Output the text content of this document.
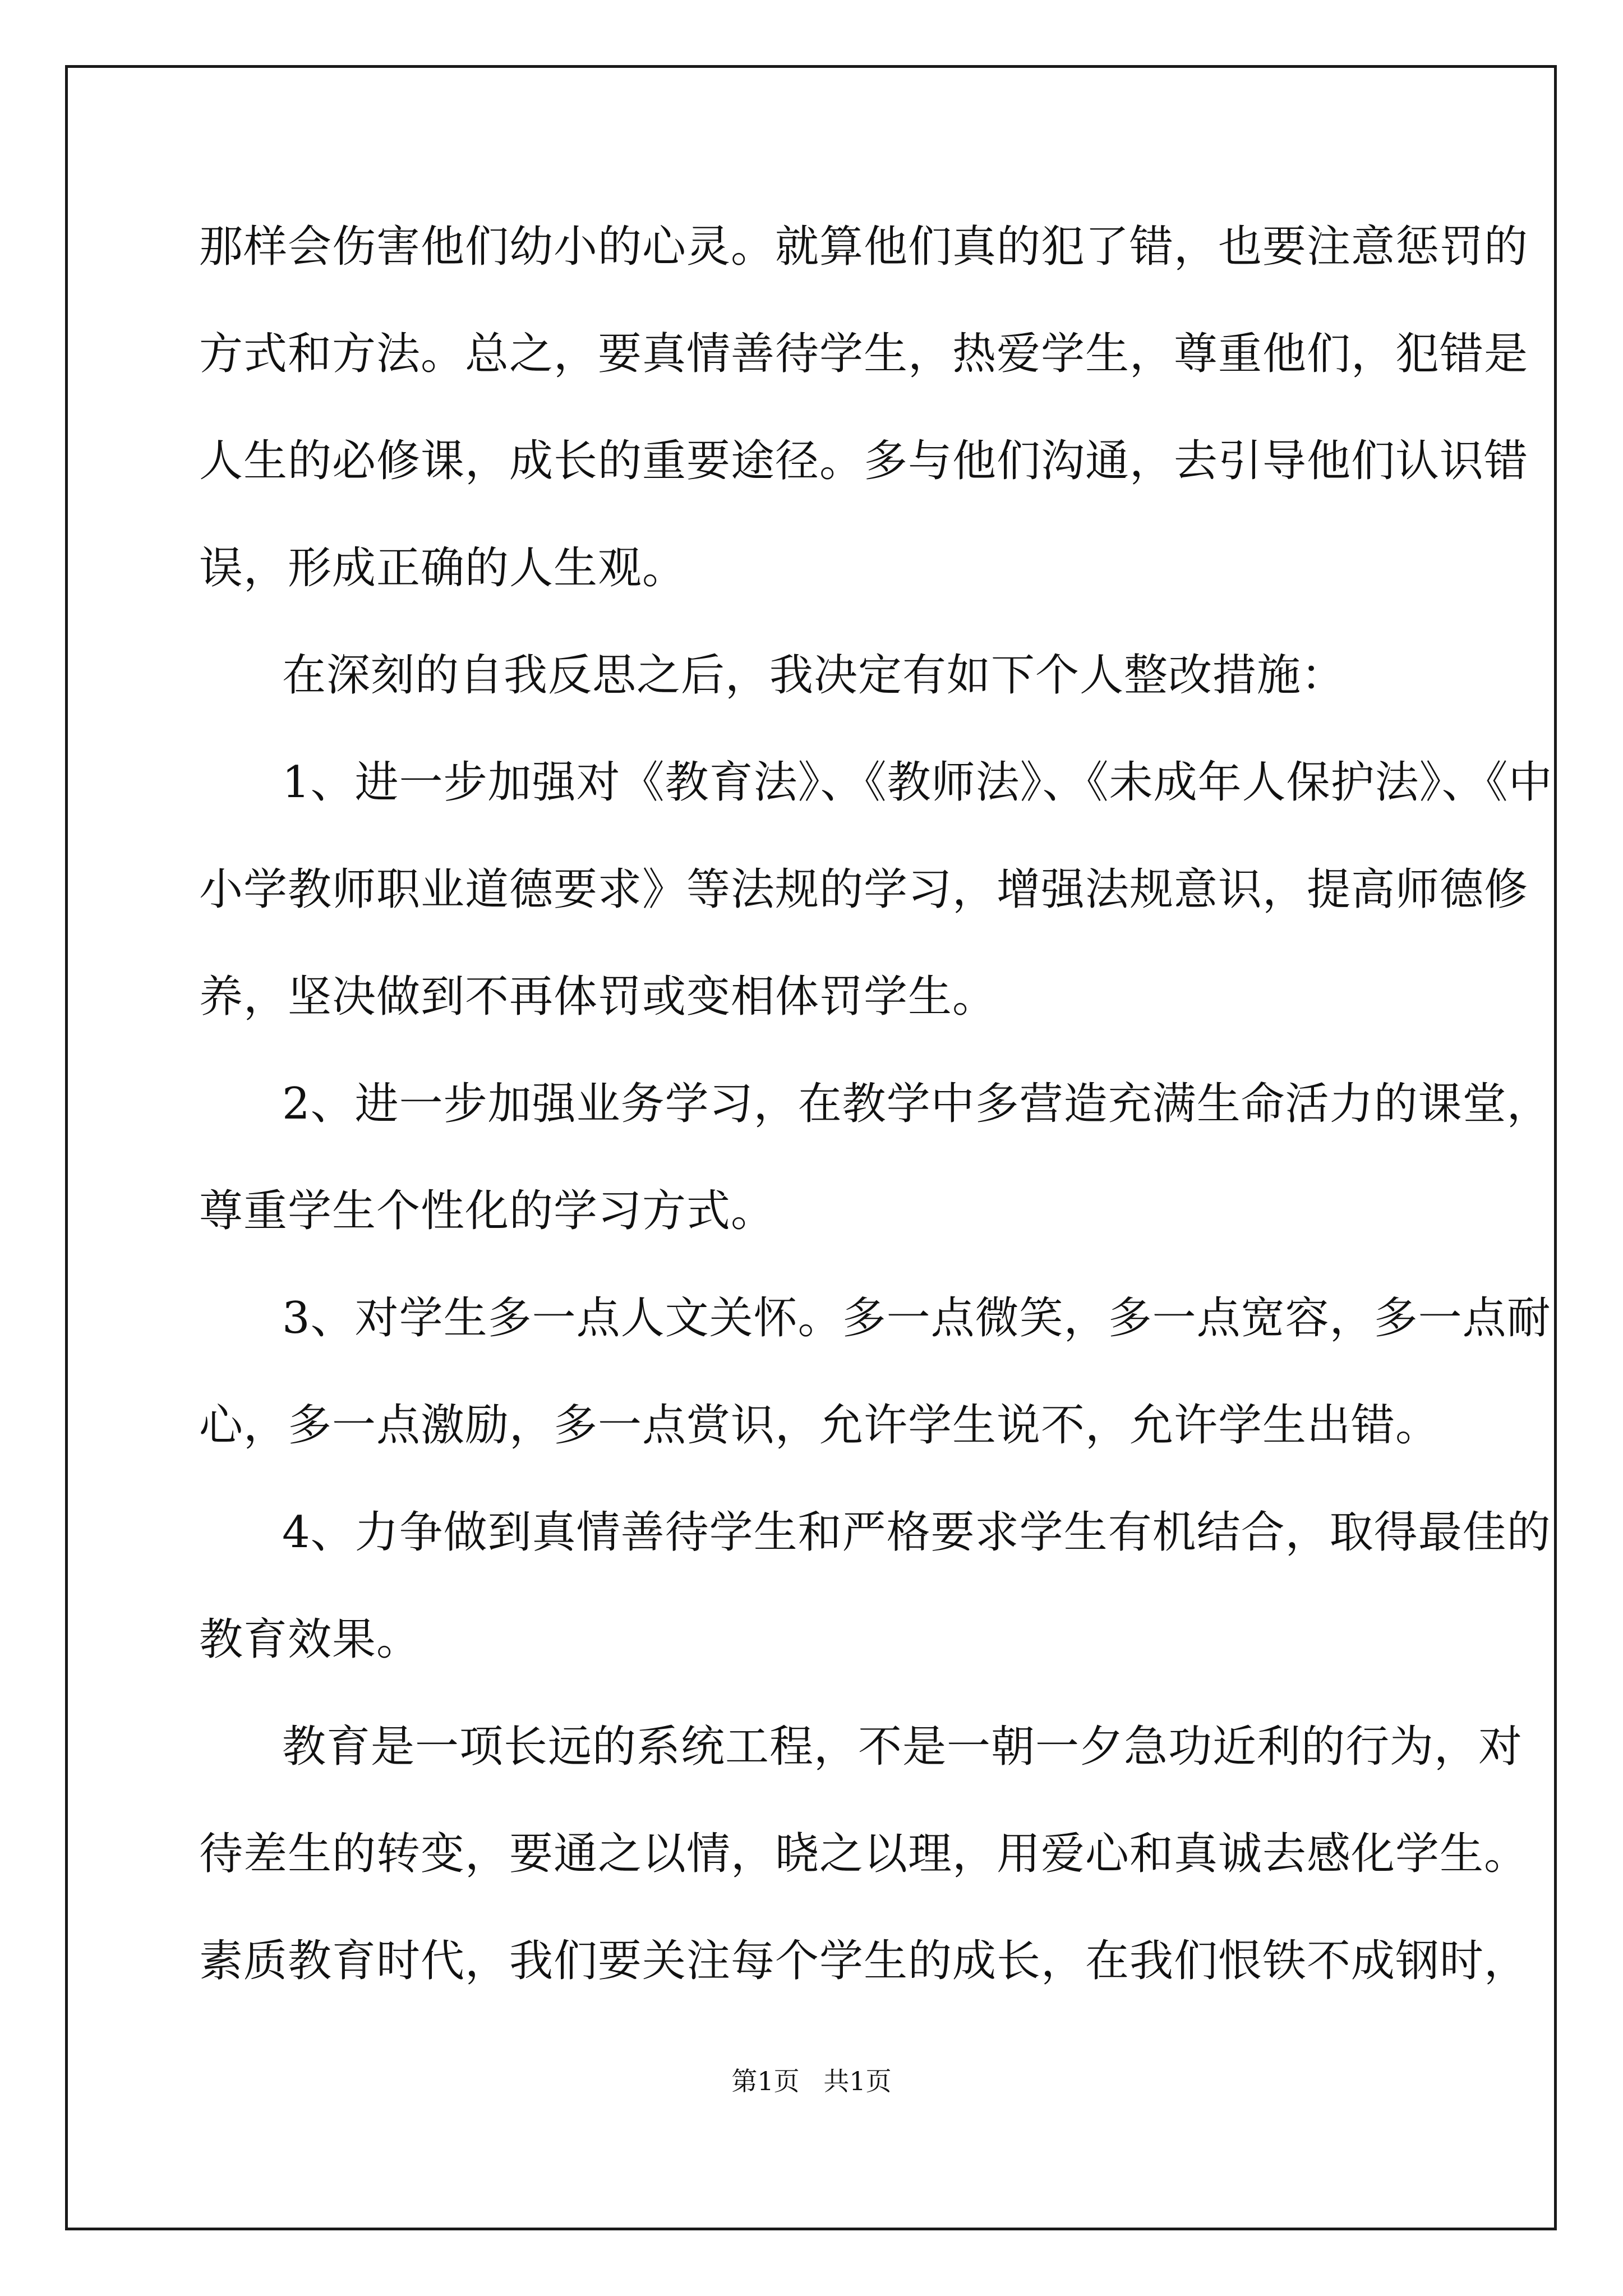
那样会伤害他们幼小的心灵。就算他们真的犯了错，也要注意惩罚的
方式和方法。总之，要真情善待学生，热爱学生，尊重他们，犯错是
人生的必修课，成长的重要途径。多与他们沟通，去引导他们认识错
误，形成正确的人生观。
在深刻的自我反思之后，我决定有如下个人整改措施：
1、进一步加强对《教育法》、《教师法》、《未成年人保护法》、《中
小学教师职业道德要求》等法规的学习，增强法规意识，提高师德修
养，坚决做到不再体罚或变相体罚学生。
2、进一步加强业务学习，在教学中多营造充满生命活力的课堂，
尊重学生个性化的学习方式。
3、对学生多一点人文关怀。多一点微笑，多一点宽容，多一点耐
心，多一点激励，多一点赏识，允许学生说不，允许学生出错。
4、力争做到真情善待学生和严格要求学生有机结合，取得最佳的
教育效果。
教育是一项长远的系统工程，不是一朝一夕急功近利的行为，对
待差生的转变，要通之以情，晓之以理，用爱心和真诚去感化学生。
素质教育时代，我们要关注每个学生的成长，在我们恨铁不成钢时，
第1页 共1页
